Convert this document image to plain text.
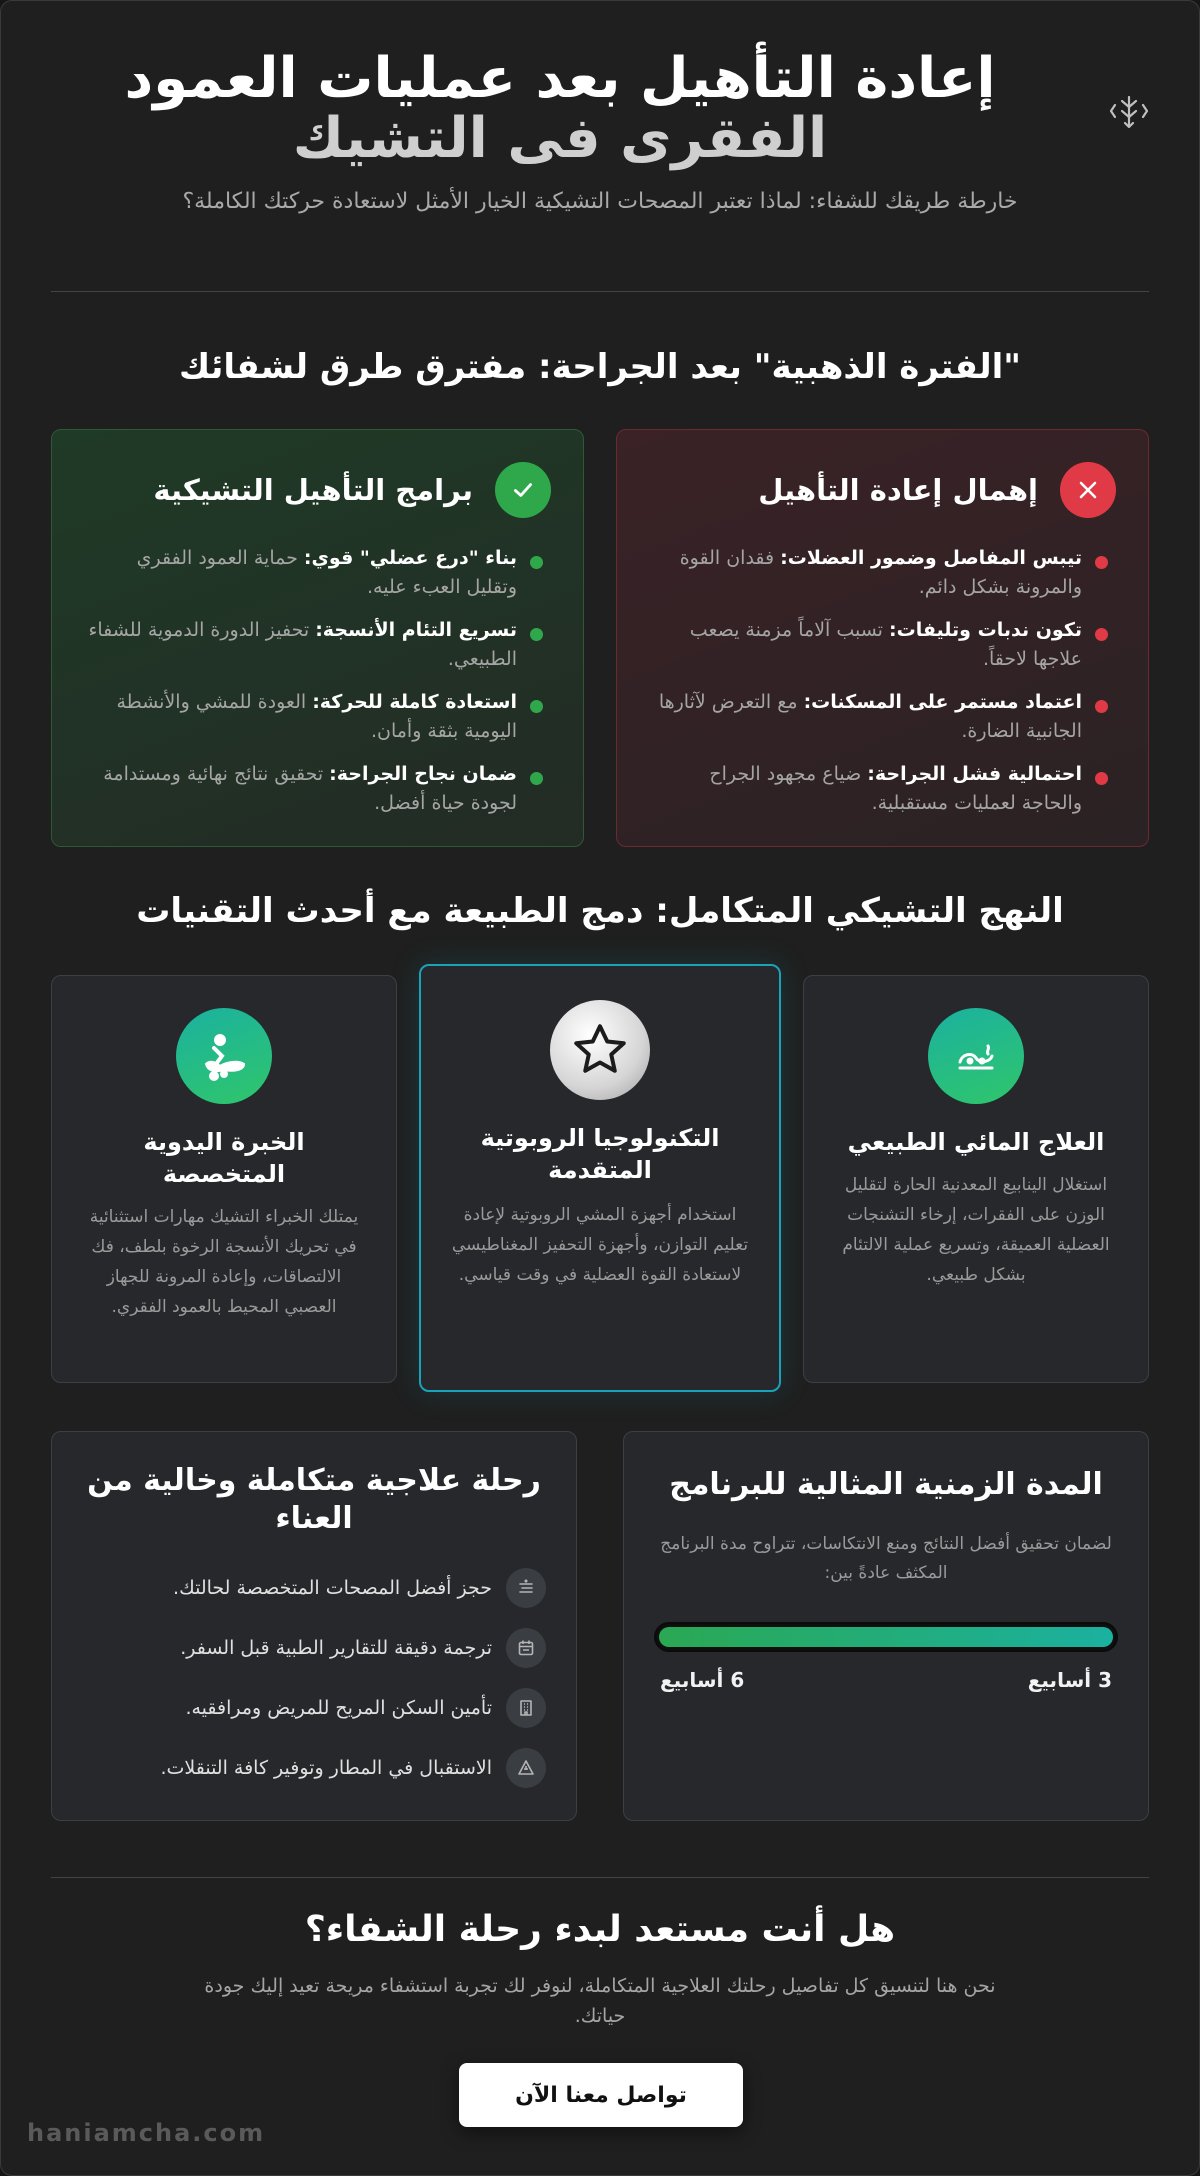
إعادة التأهيل بعد عمليات العمود
الفقرى فى التشيك

خارطة طريقك للشفاء: لماذا تعتبر المصحات التشيكية الخيار الأمثل لاستعادة حركتك الكاملة؟

"الفترة الذهبية" بعد الجراحة: مفترق طرق لشفائك
إهمال إعادة التأهيل
تيبس المفاصل وضمور العضلات: فقدان القوة والمرونة بشكل دائم.
تكون ندبات وتليفات: تسبب آلاماً مزمنة يصعب علاجها لاحقاً.
اعتماد مستمر على المسكنات: مع التعرض لآثارها الجانبية الضارة.
احتمالية فشل الجراحة: ضياع مجهود الجراح والحاجة لعمليات مستقبلية.
برامج التأهيل التشيكية
بناء "درع عضلي" قوي: حماية العمود الفقري وتقليل العبء عليه.
تسريع التئام الأنسجة: تحفيز الدورة الدموية للشفاء الطبيعي.
استعادة كاملة للحركة: العودة للمشي والأنشطة اليومية بثقة وأمان.
ضمان نجاح الجراحة: تحقيق نتائج نهائية ومستدامة لجودة حياة أفضل.
النهج التشيكي المتكامل: دمج الطبيعة مع أحدث التقنيات
العلاج المائي الطبيعي
استغلال الينابيع المعدنية الحارة لتقليل الوزن على الفقرات، إرخاء التشنجات العضلية العميقة، وتسريع عملية الالتئام بشكل طبيعي.
التكنولوجيا الروبوتية المتقدمة
استخدام أجهزة المشي الروبوتية لإعادة تعليم التوازن، وأجهزة التحفيز المغناطيسي لاستعادة القوة العضلية في وقت قياسي.
الخبرة اليدوية المتخصصة
يمتلك الخبراء التشيك مهارات استثنائية في تحريك الأنسجة الرخوة بلطف، فك الالتصاقات، وإعادة المرونة للجهاز العصبي المحيط بالعمود الفقري.
المدة الزمنية المثالية للبرنامج
لضمان تحقيق أفضل النتائج ومنع الانتكاسات، تتراوح مدة البرنامج المكثف عادةً بين:
3 أسابيع
6 أسابيع
رحلة علاجية متكاملة وخالية من العناء
حجز أفضل المصحات المتخصصة لحالتك.
ترجمة دقيقة للتقارير الطبية قبل السفر.
تأمين السكن المريح للمريض ومرافقيه.
الاستقبال في المطار وتوفير كافة التنقلات.
هل أنت مستعد لبدء رحلة الشفاء؟

نحن هنا لتنسيق كل تفاصيل رحلتك العلاجية المتكاملة، لنوفر لك تجربة استشفاء مريحة تعيد إليك جودة حياتك.

تواصل معنا الآن
haniamcha.com
